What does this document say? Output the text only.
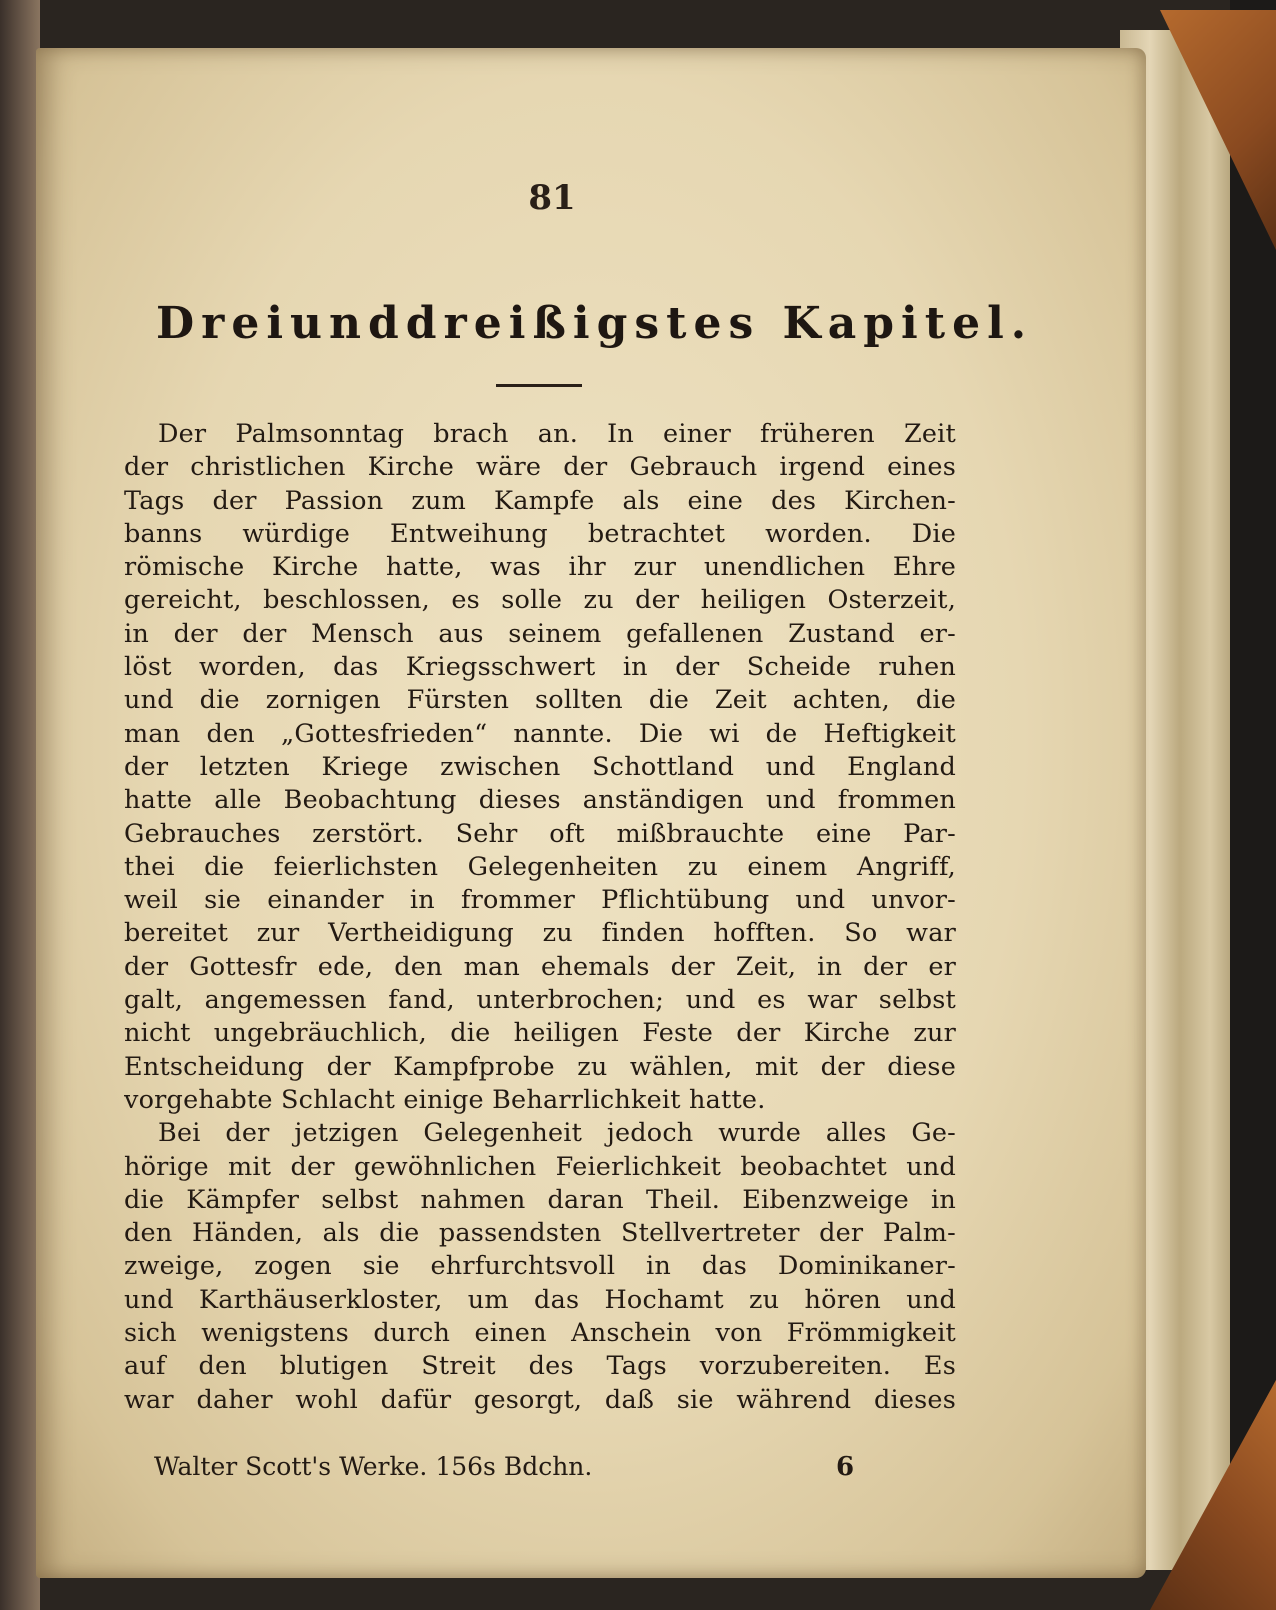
81
Dreiunddreißigstes Kapitel.
Der Palmsonntag brach an. In einer früheren Zeit
der christlichen Kirche wäre der Gebrauch irgend eines
Tags der Passion zum Kampfe als eine des Kirchen-
banns würdige Entweihung betrachtet worden. Die
römische Kirche hatte, was ihr zur unendlichen Ehre
gereicht, beschlossen, es solle zu der heiligen Osterzeit,
in der der Mensch aus seinem gefallenen Zustand er-
löst worden, das Kriegsschwert in der Scheide ruhen
und die zornigen Fürsten sollten die Zeit achten, die
man den „Gottesfrieden“ nannte. Die wi de Heftigkeit
der letzten Kriege zwischen Schottland und England
hatte alle Beobachtung dieses anständigen und frommen
Gebrauches zerstört. Sehr oft mißbrauchte eine Par-
thei die feierlichsten Gelegenheiten zu einem Angriff,
weil sie einander in frommer Pflichtübung und unvor-
bereitet zur Vertheidigung zu finden hofften. So war
der Gottesfr ede, den man ehemals der Zeit, in der er
galt, angemessen fand, unterbrochen; und es war selbst
nicht ungebräuchlich, die heiligen Feste der Kirche zur
Entscheidung der Kampfprobe zu wählen, mit der diese
vorgehabte Schlacht einige Beharrlichkeit hatte.
Bei der jetzigen Gelegenheit jedoch wurde alles Ge-
hörige mit der gewöhnlichen Feierlichkeit beobachtet und
die Kämpfer selbst nahmen daran Theil. Eibenzweige in
den Händen, als die passendsten Stellvertreter der Palm-
zweige, zogen sie ehrfurchtsvoll in das Dominikaner-
und Karthäuserkloster, um das Hochamt zu hören und
sich wenigstens durch einen Anschein von Frömmigkeit
auf den blutigen Streit des Tags vorzubereiten. Es
war daher wohl dafür gesorgt, daß sie während dieses
Walter Scott's Werke. 156s Bdchn.	6
